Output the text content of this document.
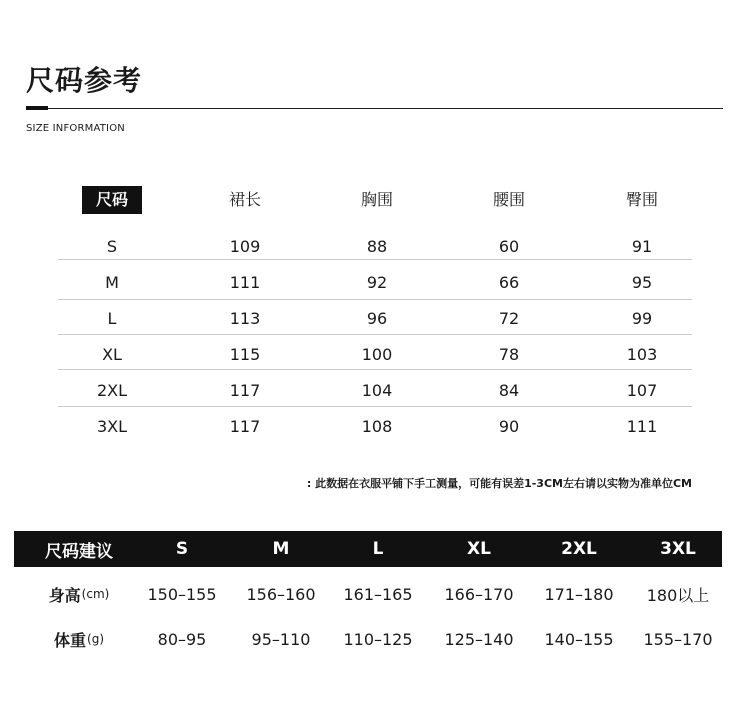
尺码参考
SIZE INFORMATION
尺码	裙长	胸围	腰围	臀围
S	109	88	60	91
M	111	92	66	95
L	113	96	72	99
XL	115	100	78	103
2XL	117	104	84	107
3XL	117	108	90	111
: 此数据在衣服平铺下手工测量，可能有误差1-3CM左右请以实物为准单位CM
尺码建议	S	M	L	XL	2XL	3XL
身高 (cm)	150–155	156–160	161–165	166–170	171–180	180以上
体重 (g)	80–95	95–110	110–125	125–140	140–155	155–170
